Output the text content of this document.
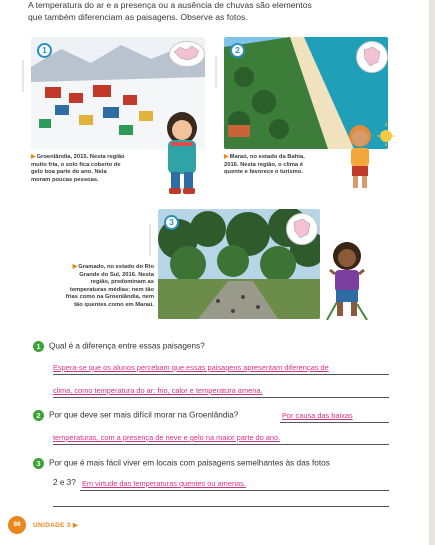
A temperatura do ar e a presença ou a ausência de chuvas são elementos
que também diferenciam as paisagens. Observe as fotos.
1
▯▯▯▯▯▯▯▯
▶Groenlândia, 2015. Nesta região
muito fria, o solo fica coberto de
gelo boa parte do ano. Nela
moram poucas pessoas.
2
▯▯▯▯▯▯▯▯
▶Maraú, no estado da Bahia,
2016. Nesta região, o clima é
quente e favorece o turismo.
3
▯▯▯▯▯▯▯▯
▶Gramado, no estado do Rio
Grande do Sul, 2016. Nesta
região, predominam as
temperaturas médias: nem tão
frias como na Groenlândia, nem
tão quentes como em Maraú.
1 Qual é a diferença entre essas paisagens?
Espera-se que os alunos percebam que essas paisagens apresentam diferenças de
clima, como temperatura do ar: frio, calor e temperatura amena.
2 Por que deve ser mais difícil morar na Groenlândia?	Por causa das baixas
temperaturas, com a presença de neve e gelo na maior parte do ano.
3 Por que é mais fácil viver em locais com paisagens semelhantes às das fotos
2 e 3? Em virtude das temperaturas quentes ou amenas.
98	UNIDADE 3 ▶
